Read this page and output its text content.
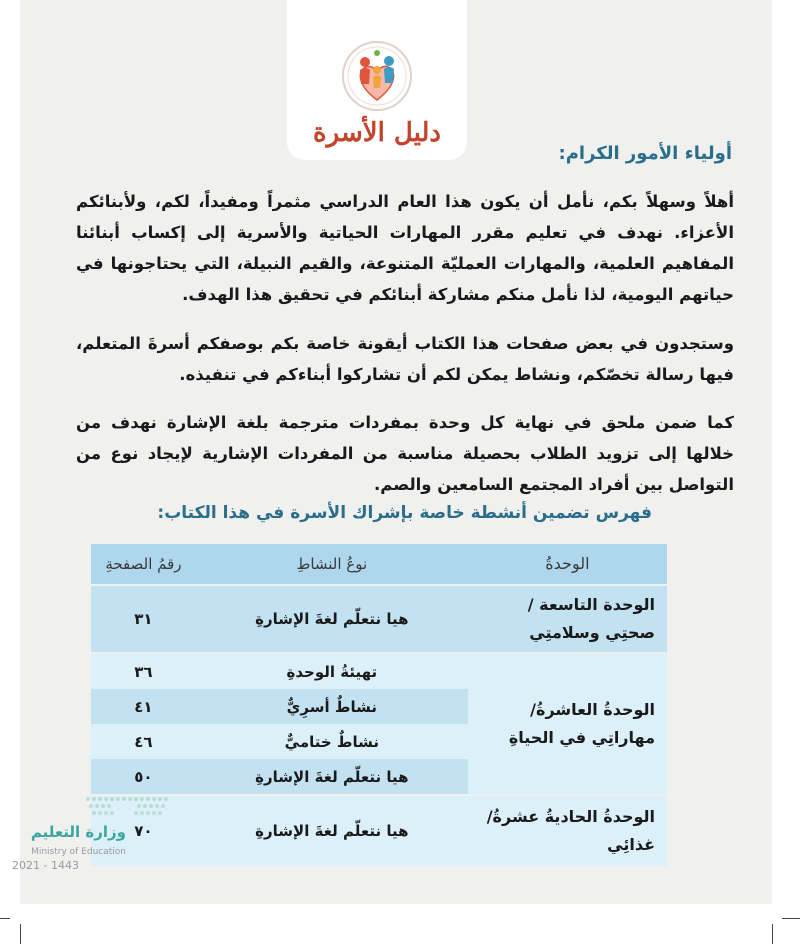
دليل الأسرة
أولياء الأمور الكرام:
أهلاً وسهلاً بكم، نأمل أن يكون هذا العام الدراسي مثمراً ومفيداً، لكم، ولأبنائكم الأعزاء. نهدف في تعليم مقرر المهارات الحياتية والأسرية إلى إكساب أبنائنا المفاهيم العلمية، والمهارات العمليّة المتنوعة، والقيم النبيلة، التي يحتاجونها في حياتهم اليومية، لذا نأمل منكم مشاركة أبنائكم في تحقيق هذا الهدف.
وستجدون في بعض صفحات هذا الكتاب أيقونة خاصة بكم بوصفكم أسرةَ المتعلم، فيها رسالة تخصّكم، ونشاط يمكن لكم أن تشاركوا أبناءكم في تنفيذه.
كما ضمن ملحق في نهاية كل وحدة بمفردات مترجمة بلغة الإشارة نهدف من خلالها إلى تزويد الطلاب بحصيلة مناسبة من المفردات الإشارية لإيجاد نوع من التواصل بين أفراد المجتمع السامعين والصم.
فهرس تضمين أنشطة خاصة بإشراك الأسرة في هذا الكتاب:
الوحدةُ	نوعُ النشاطِ	رقمُ الصفحةِ
الوحدة التاسعة / صحتِي وسلامتِي	هيا نتعلّم لغةَ الإشارةِ	٣١
الوحدةُ العاشرةُ/ مهاراتِي في الحياةِ	تهيئةُ الوحدةِ	٣٦
	نشاطٌ أسرِيٌّ	٤١
	نشاطٌ ختاميٌّ	٤٦
	هيا نتعلّم لغةَ الإشارةِ	٥٠
الوحدةُ الحاديةُ عشرةُ/ غذائِي	هيا نتعلّم لغةَ الإشارةِ	٧٠
وزارة التعليم
Ministry of Education
2021 - 1443
